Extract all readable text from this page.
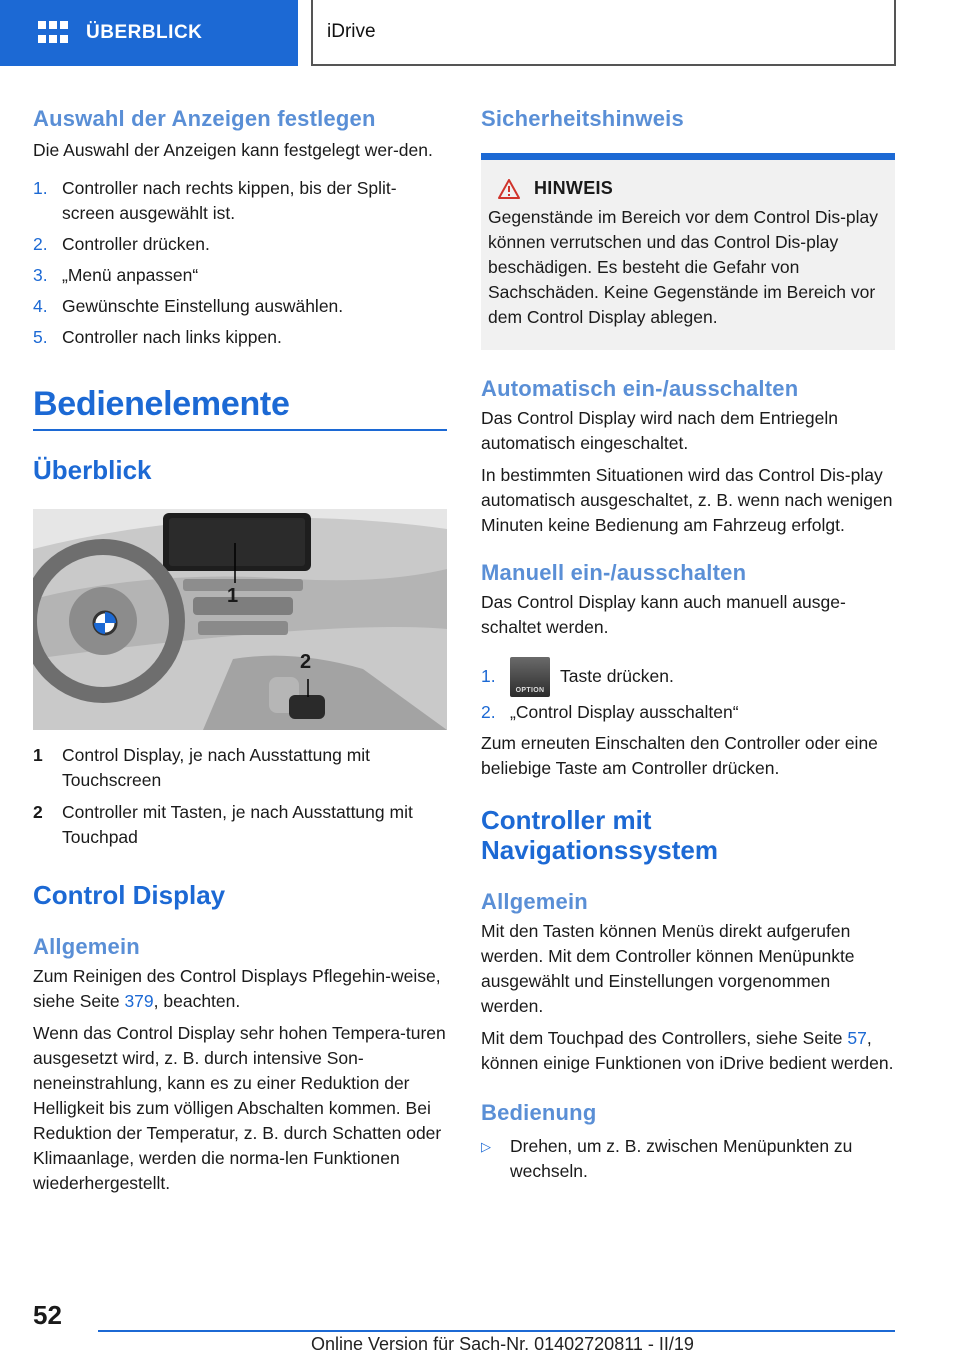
ÜBERBLICK	iDrive
Auswahl der Anzeigen festlegen

Die Auswahl der Anzeigen kann festgelegt wer-den.

1. Controller nach rechts kippen, bis der Split-screen ausgewählt ist.
2. Controller drücken.
3. „Menü anpassen“
4. Gewünschte Einstellung auswählen.
5. Controller nach links kippen.
Bedienelemente
Überblick
1
2
1 Control Display, je nach Ausstattung mit Touchscreen
2 Controller mit Tasten, je nach Ausstattung mit Touchpad
Control Display
Allgemein

Zum Reinigen des Control Displays Pflegehin-weise, siehe Seite 379, beachten.

Wenn das Control Display sehr hohen Tempera-turen ausgesetzt wird, z. B. durch intensive Son-neneinstrahlung, kann es zu einer Reduktion der Helligkeit bis zum völligen Abschalten kommen. Bei Reduktion der Temperatur, z. B. durch Schatten oder Klimaanlage, werden die norma-len Funktionen wiederhergestellt.

Sicherheitshinweis
HINWEIS

Gegenstände im Bereich vor dem Control Dis-play können verrutschen und das Control Dis-play beschädigen. Es besteht die Gefahr von Sachschäden. Keine Gegenstände im Bereich vor dem Control Display ablegen.

Automatisch ein-/ausschalten

Das Control Display wird nach dem Entriegeln automatisch eingeschaltet.

In bestimmten Situationen wird das Control Dis-play automatisch ausgeschaltet, z. B. wenn nach wenigen Minuten keine Bedienung am Fahrzeug erfolgt.

Manuell ein-/ausschalten

Das Control Display kann auch manuell ausge-schaltet werden.

1.
OPTION
Taste drücken.
2. „Control Display ausschalten“

Zum erneuten Einschalten den Controller oder eine beliebige Taste am Controller drücken.

Controller mit
Navigationssystem
Allgemein

Mit den Tasten können Menüs direkt aufgerufen werden. Mit dem Controller können Menüpunkte ausgewählt und Einstellungen vorgenommen werden.

Mit dem Touchpad des Controllers, siehe Seite 57, können einige Funktionen von iDrive bedient werden.

Bedienung
▷ Drehen, um z. B. zwischen Menüpunkten zu wechseln.
52
Online Version für Sach-Nr. 01402720811 - II/19
